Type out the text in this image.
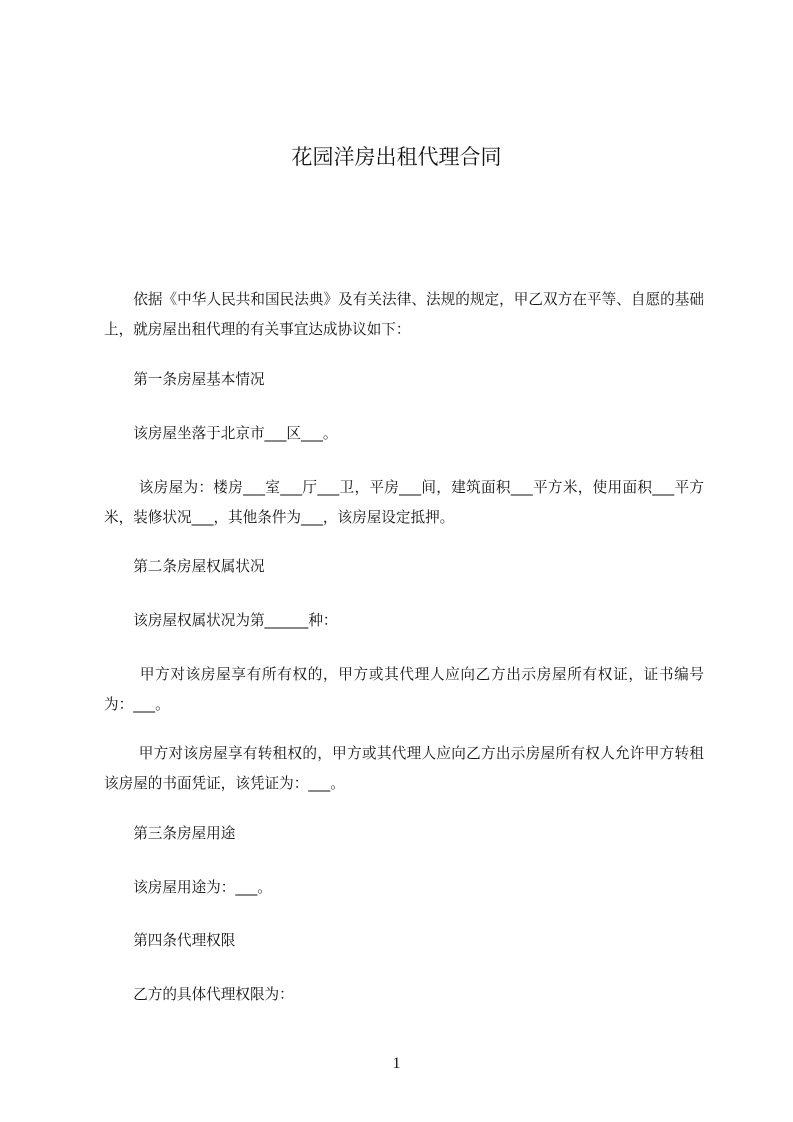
花园洋房出租代理合同

　　依据《中华人民共和国民法典》及有关法律、法规的规定，甲乙双方在平等、自愿的基础上，就房屋出租代理的有关事宜达成协议如下：

　　第一条房屋基本情况

　　该房屋坐落于北京市___区___。

　　 该房屋为：楼房___室___厅___卫，平房___间，建筑面积___平方米，使用面积___平方米，装修状况___，其他条件为___，该房屋设定抵押。

　　第二条房屋权属状况

　　该房屋权属状况为第______种：

　　 甲方对该房屋享有所有权的，甲方或其代理人应向乙方出示房屋所有权证，证书编号为：___。

　　 甲方对该房屋享有转租权的，甲方或其代理人应向乙方出示房屋所有权人允许甲方转租该房屋的书面凭证，该凭证为：___。

　　第三条房屋用途

　　该房屋用途为：___。

　　第四条代理权限

　　乙方的具体代理权限为：

1
